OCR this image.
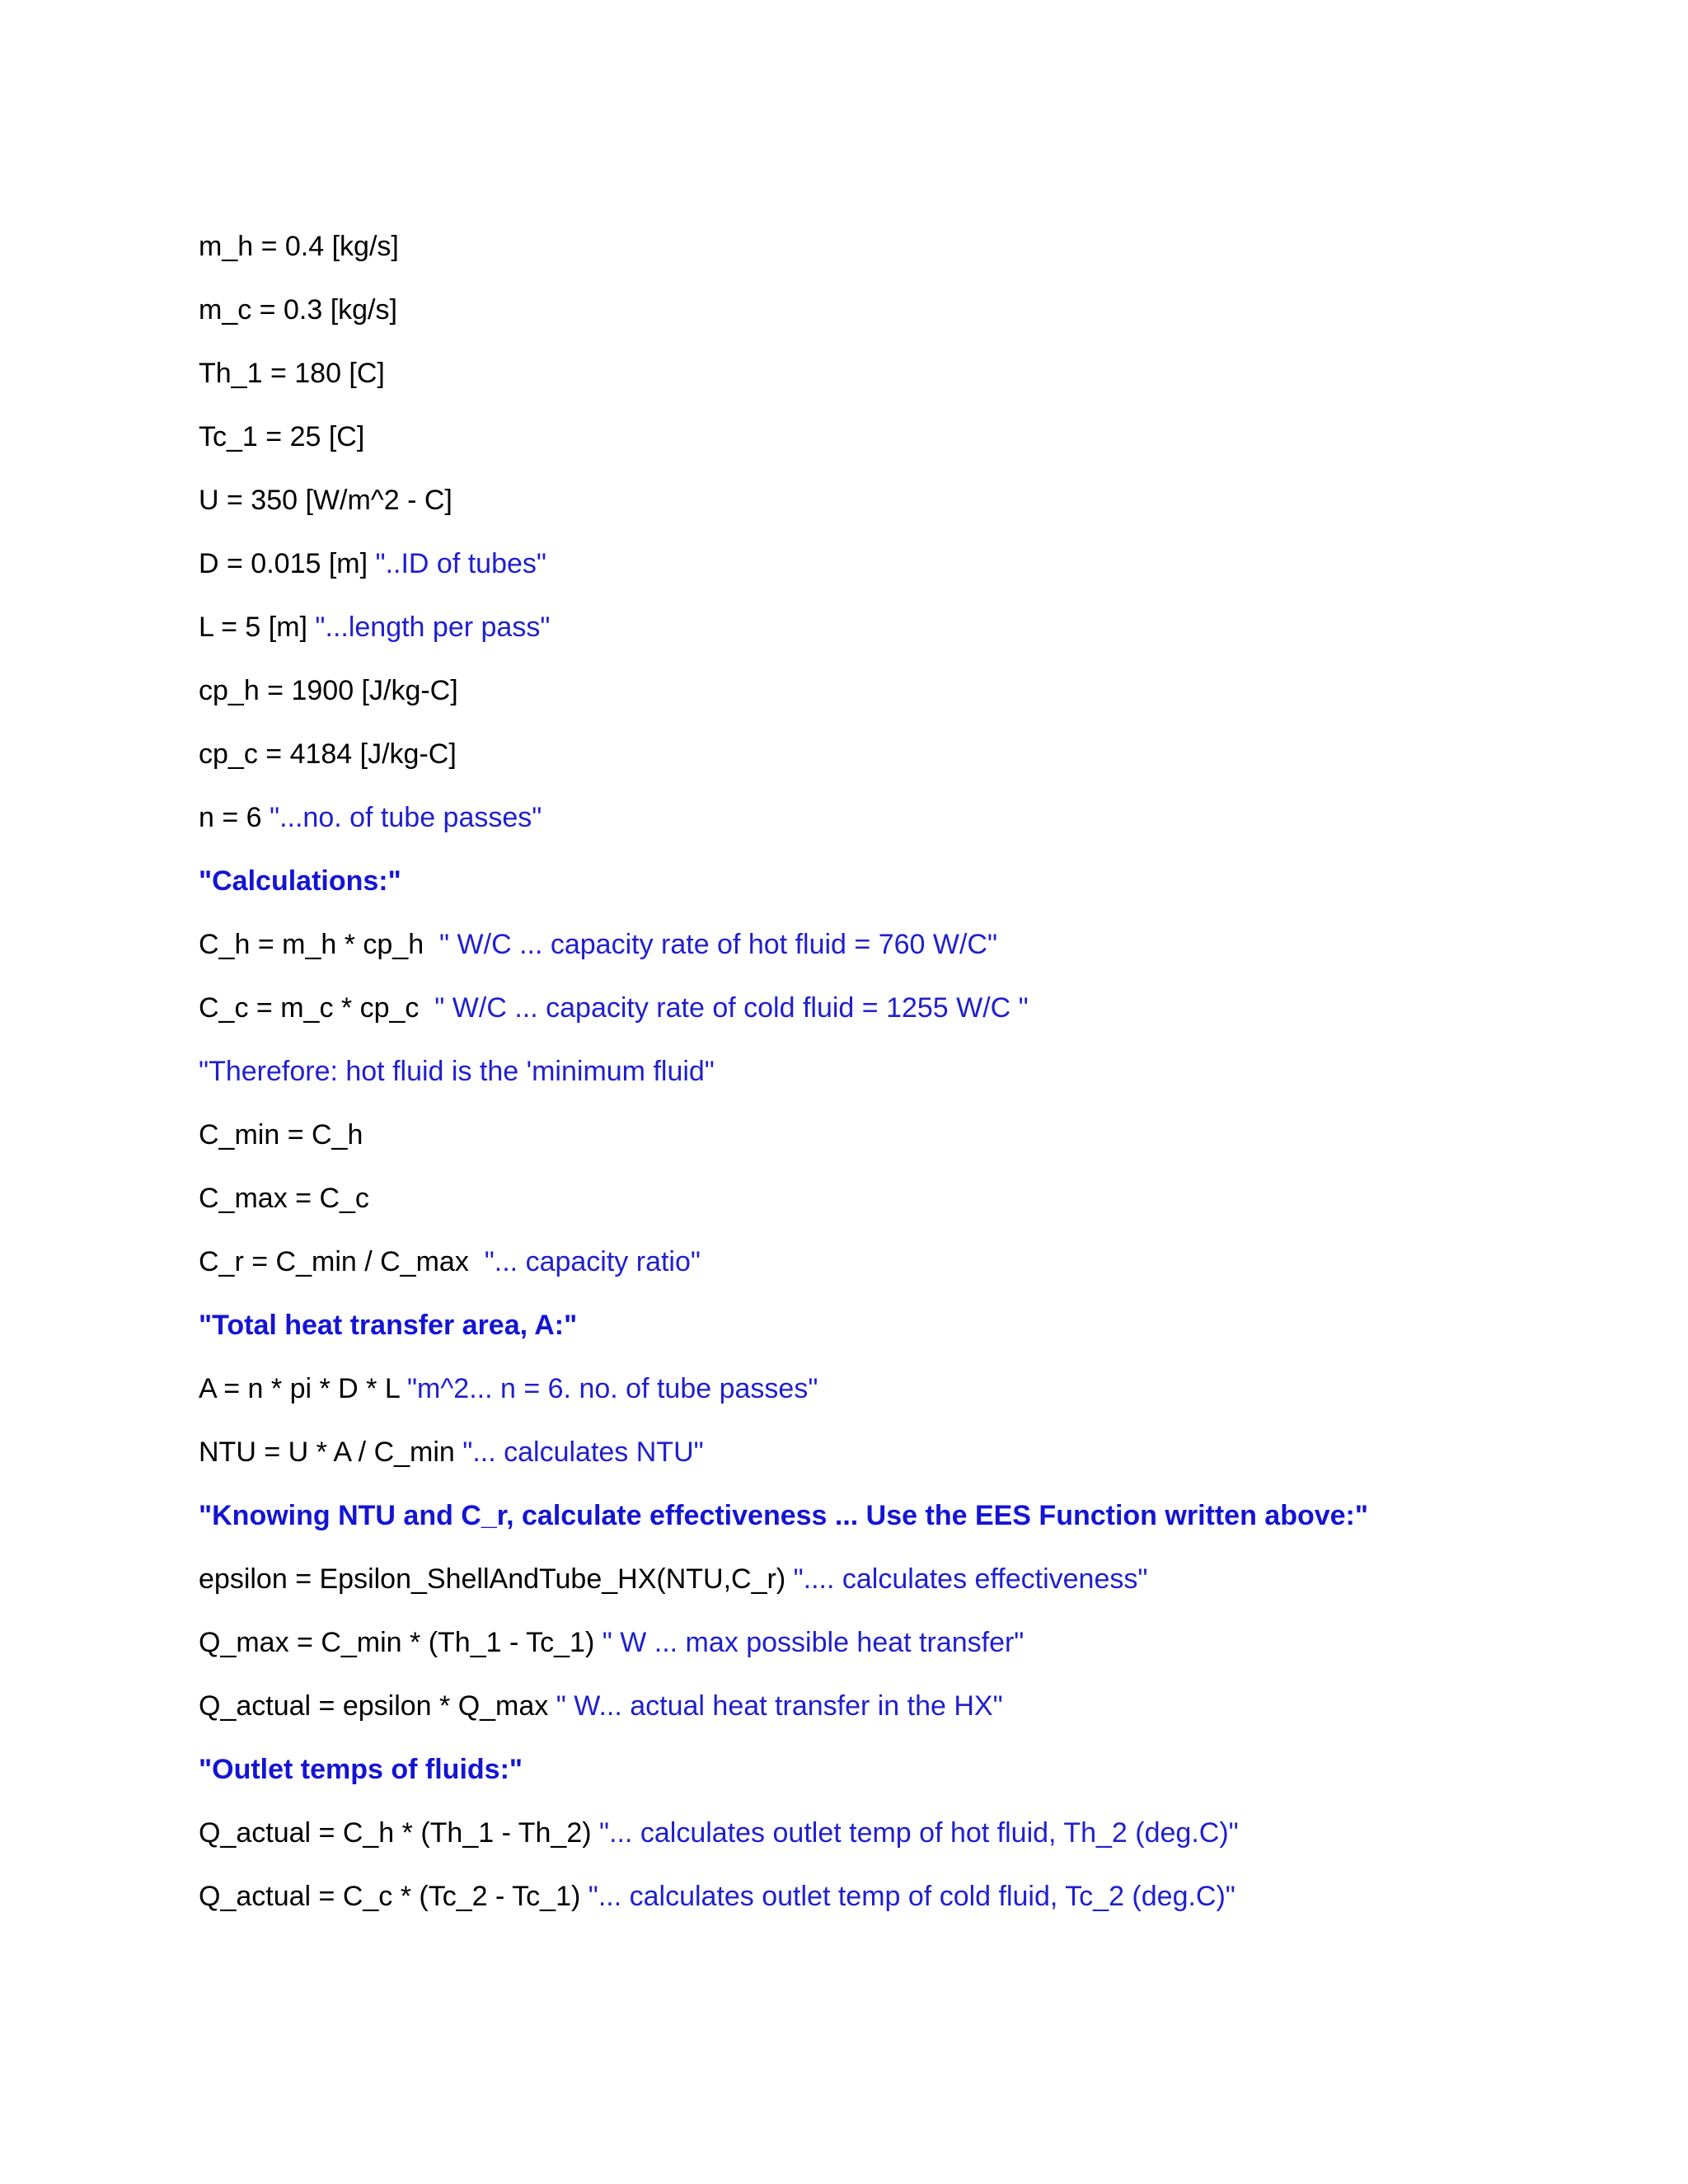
m_h = 0.4 [kg/s]
m_c = 0.3 [kg/s]
Th_1 = 180 [C]
Tc_1 = 25 [C]
U = 350 [W/m^2 - C]
D = 0.015 [m] "..ID of tubes"
L = 5 [m] "...length per pass"
cp_h = 1900 [J/kg-C]
cp_c = 4184 [J/kg-C]
n = 6 "...no. of tube passes"
"Calculations:"
C_h = m_h * cp_h  " W/C ... capacity rate of hot fluid = 760 W/C"
C_c = m_c * cp_c  " W/C ... capacity rate of cold fluid = 1255 W/C "
"Therefore: hot fluid is the 'minimum fluid"
C_min = C_h
C_max = C_c
C_r = C_min / C_max  "... capacity ratio"
"Total heat transfer area, A:"
A = n * pi * D * L "m^2... n = 6. no. of tube passes"
NTU = U * A / C_min "... calculates NTU"
"Knowing NTU and C_r, calculate effectiveness ... Use the EES Function written above:"
epsilon = Epsilon_ShellAndTube_HX(NTU,C_r) ".... calculates effectiveness"
Q_max = C_min * (Th_1 - Tc_1) " W ... max possible heat transfer"
Q_actual = epsilon * Q_max " W... actual heat transfer in the HX"
"Outlet temps of fluids:"
Q_actual = C_h * (Th_1 - Th_2) "... calculates outlet temp of hot fluid, Th_2 (deg.C)"
Q_actual = C_c * (Tc_2 - Tc_1) "... calculates outlet temp of cold fluid, Tc_2 (deg.C)"
